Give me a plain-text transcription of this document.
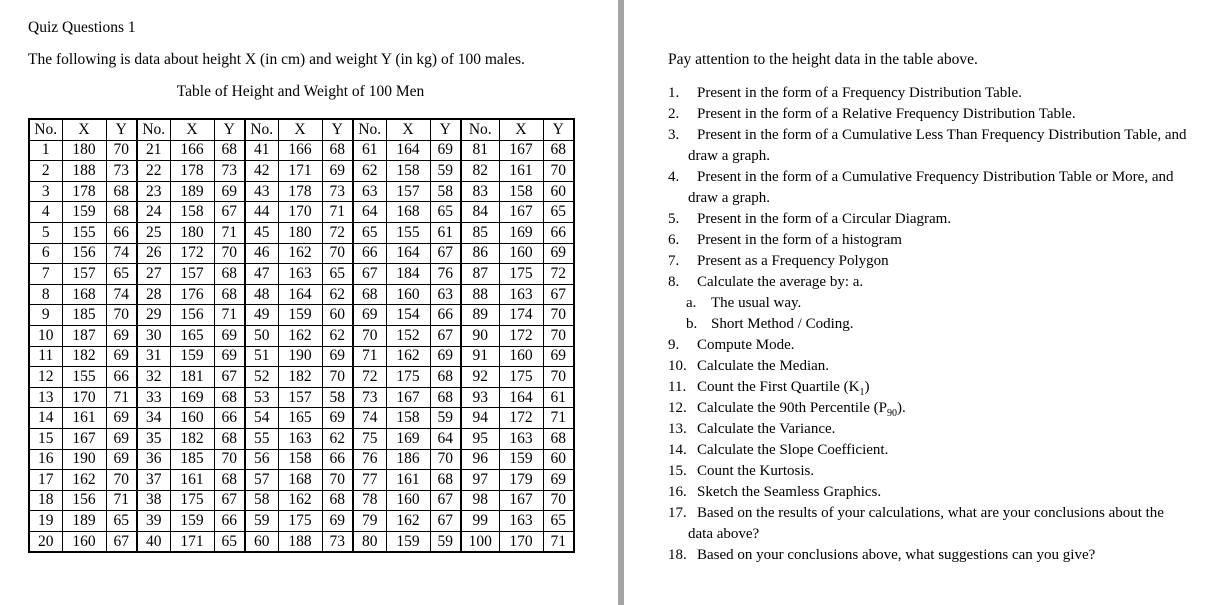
Quiz Questions 1
The following is data about height X (in cm) and weight Y (in kg) of 100 males.
Table of Height and Weight of 100 Men
No.	X	Y	No.	X	Y	No.	X	Y	No.	X	Y	No.	X	Y
1	180	70	21	166	68	41	166	68	61	164	69	81	167	68
2	188	73	22	178	73	42	171	69	62	158	59	82	161	70
3	178	68	23	189	69	43	178	73	63	157	58	83	158	60
4	159	68	24	158	67	44	170	71	64	168	65	84	167	65
5	155	66	25	180	71	45	180	72	65	155	61	85	169	66
6	156	74	26	172	70	46	162	70	66	164	67	86	160	69
7	157	65	27	157	68	47	163	65	67	184	76	87	175	72
8	168	74	28	176	68	48	164	62	68	160	63	88	163	67
9	185	70	29	156	71	49	159	60	69	154	66	89	174	70
10	187	69	30	165	69	50	162	62	70	152	67	90	172	70
11	182	69	31	159	69	51	190	69	71	162	69	91	160	69
12	155	66	32	181	67	52	182	70	72	175	68	92	175	70
13	170	71	33	169	68	53	157	58	73	167	68	93	164	61
14	161	69	34	160	66	54	165	69	74	158	59	94	172	71
15	167	69	35	182	68	55	163	62	75	169	64	95	163	68
16	190	69	36	185	70	56	158	66	76	186	70	96	159	60
17	162	70	37	161	68	57	168	70	77	161	68	97	179	69
18	156	71	38	175	67	58	162	68	78	160	67	98	167	70
19	189	65	39	159	66	59	175	69	79	162	67	99	163	65
20	160	67	40	171	65	60	188	73	80	159	59	100	170	71
Pay attention to the height data in the table above.
1. Present in the form of a Frequency Distribution Table.
2. Present in the form of a Relative Frequency Distribution Table.
3. Present in the form of a Cumulative Less Than Frequency Distribution Table, and
draw a graph.
4. Present in the form of a Cumulative Frequency Distribution Table or More, and
draw a graph.
5. Present in the form of a Circular Diagram.
6. Present in the form of a histogram
7. Present as a Frequency Polygon
8. Calculate the average by: a.
a. The usual way.
b. Short Method / Coding.
9. Compute Mode.
10. Calculate the Median.
11. Count the First Quartile $(K_1)$
12. Calculate the 90th Percentile $(P_{90})$.
13. Calculate the Variance.
14. Calculate the Slope Coefficient.
15. Count the Kurtosis.
16. Sketch the Seamless Graphics.
17. Based on the results of your calculations, what are your conclusions about the
data above?
18. Based on your conclusions above, what suggestions can you give?
